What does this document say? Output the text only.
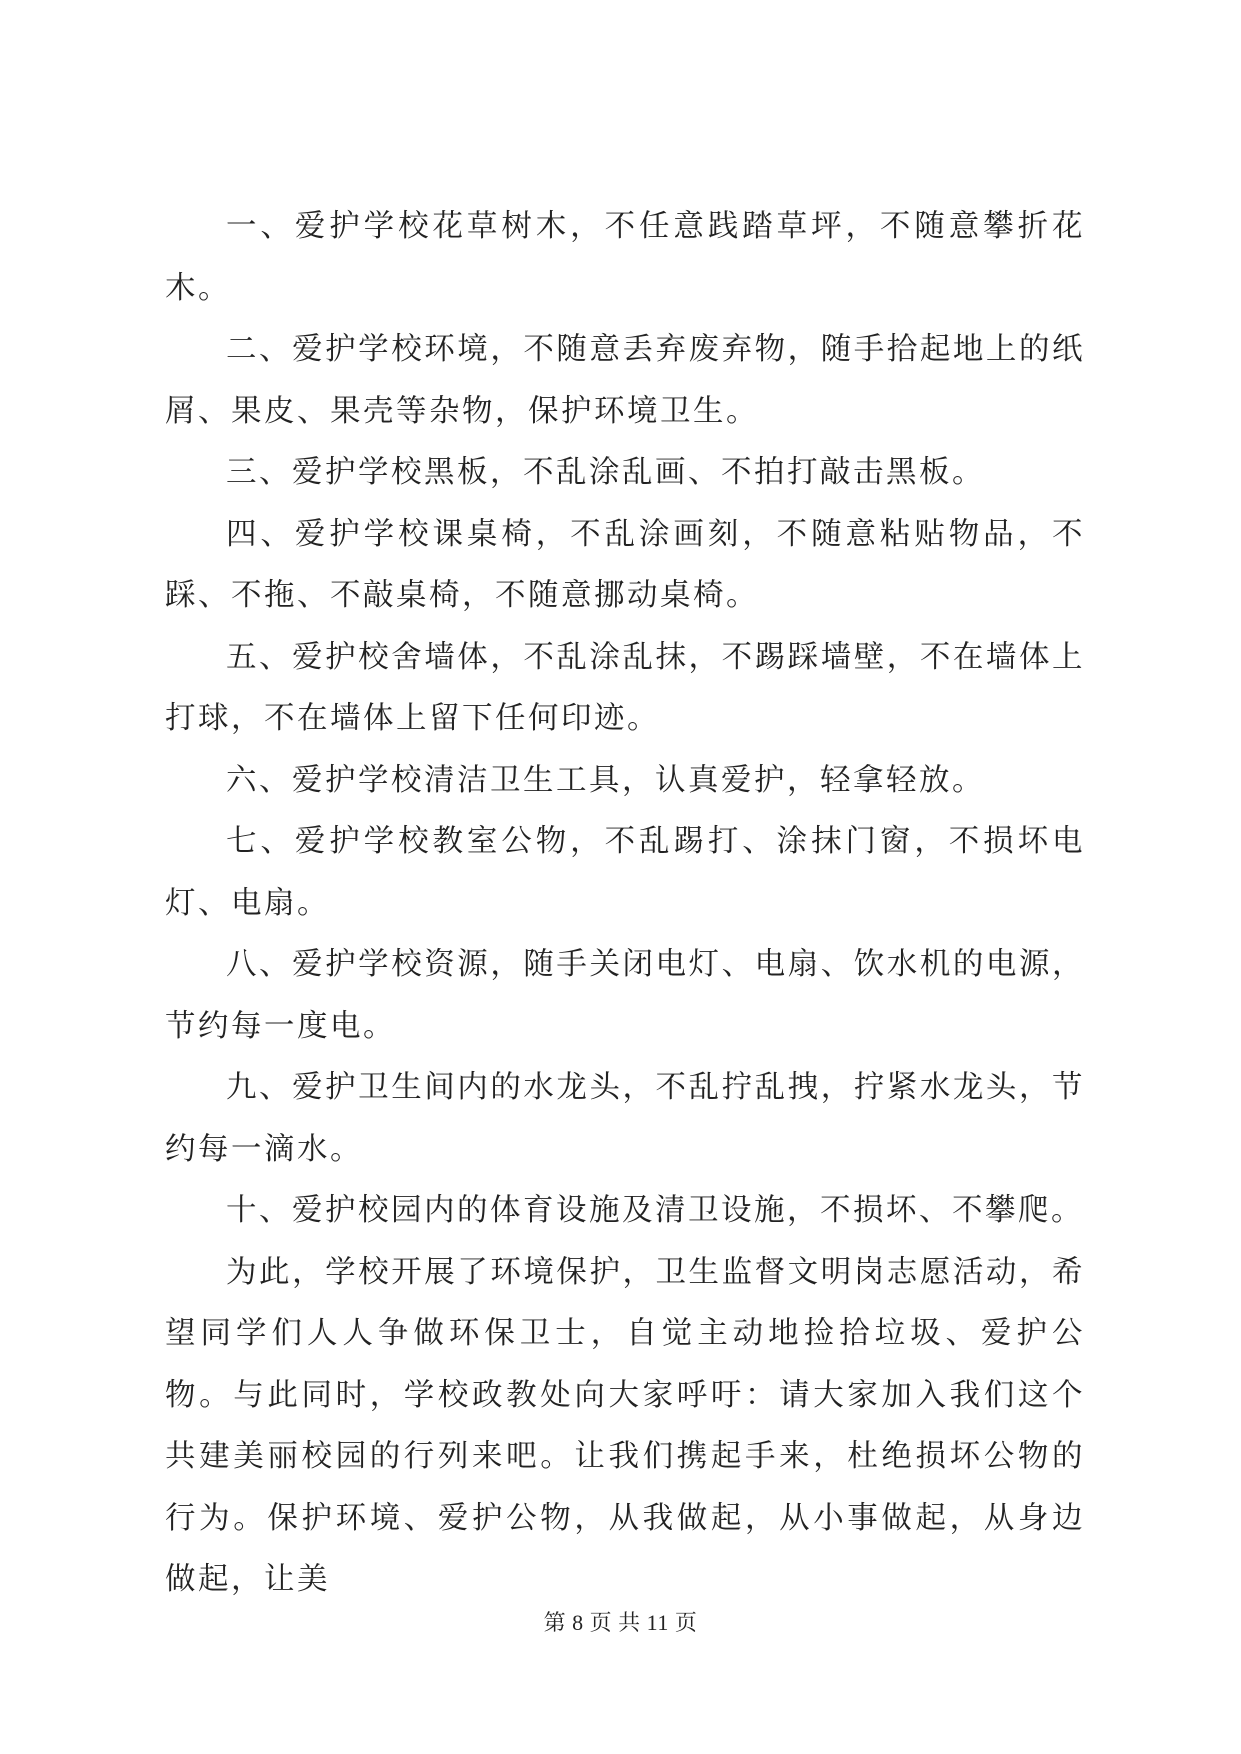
一、爱护学校花草树木，不任意践踏草坪，不随意攀折花木。

二、爱护学校环境，不随意丢弃废弃物，随手拾起地上的纸屑、果皮、果壳等杂物，保护环境卫生。

三、爱护学校黑板，不乱涂乱画、不拍打敲击黑板。

四、爱护学校课桌椅，不乱涂画刻，不随意粘贴物品，不踩、不拖、不敲桌椅，不随意挪动桌椅。

五、爱护校舍墙体，不乱涂乱抹，不踢踩墙壁，不在墙体上打球，不在墙体上留下任何印迹。

六、爱护学校清洁卫生工具，认真爱护，轻拿轻放。

七、爱护学校教室公物，不乱踢打、涂抹门窗，不损坏电灯、电扇。

八、爱护学校资源，随手关闭电灯、电扇、饮水机的电源，节约每一度电。

九、爱护卫生间内的水龙头，不乱拧乱拽，拧紧水龙头，节约每一滴水。

十、爱护校园内的体育设施及清卫设施，不损坏、不攀爬。

为此，学校开展了环境保护，卫生监督文明岗志愿活动，希望同学们人人争做环保卫士，自觉主动地捡拾垃圾、爱护公物。与此同时，学校政教处向大家呼吁：请大家加入我们这个共建美丽校园的行列来吧。让我们携起手来，杜绝损坏公物的行为。保护环境、爱护公物，从我做起，从小事做起，从身边做起，让美

第 8 页 共 11 页
